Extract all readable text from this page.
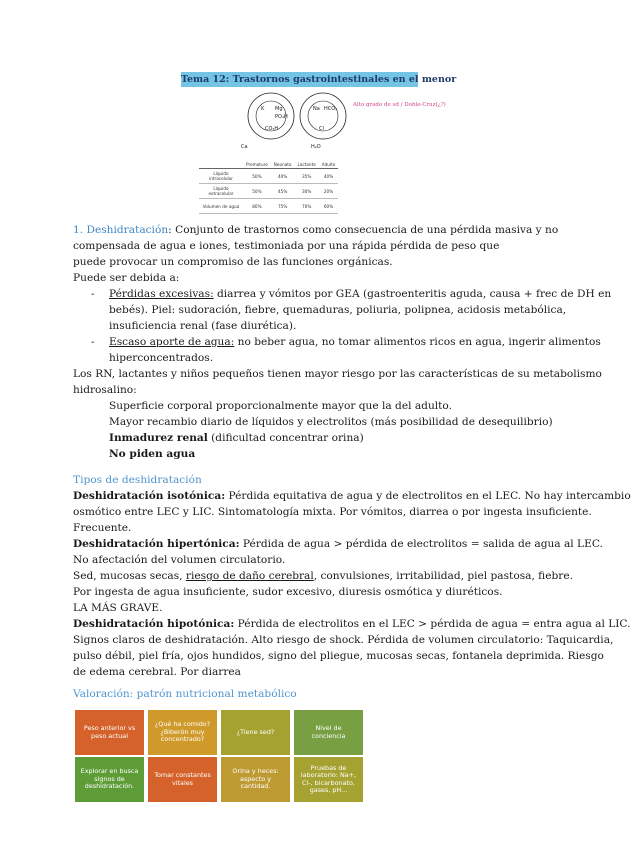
Tema 12: Trastornos gastrointestinales en el menor
K Mg
PO₄H
CO₃H
Na HCO₃
Cl
Ca	H₂O
Alto grado de sd / Doble-Cruz(¿?)
	Prematuro	Neonato	Lactante	Adulto
Líquido intracelular	50%	40%	35%	40%
Líquido extracelular	50%	45%	30%	20%
Volumen de agua	80%	75%	70%	60%
1. Deshidratación: Conjunto de trastornos como consecuencia de una pérdida masiva y no
compensada de agua e iones, testimoniada por una rápida pérdida de peso que
puede provocar un compromiso de las funciones orgánicas.
Puede ser debida a:
- Pérdidas excesivas: diarrea y vómitos por GEA (gastroenteritis aguda, causa + frec de DH en
bebés). Piel: sudoración, fiebre, quemaduras, poliuria, polipnea, acidosis metabólica,
insuficiencia renal (fase diurética).
- Escaso aporte de agua: no beber agua, no tomar alimentos ricos en agua, ingerir alimentos
hiperconcentrados.
Los RN, lactantes y niños pequeños tienen mayor riesgo por las características de su metabolismo
hidrosalino:
Superficie corporal proporcionalmente mayor que la del adulto.
Mayor recambio diario de líquidos y electrolitos (más posibilidad de desequilibrio)
Inmadurez renal (dificultad concentrar orina)
No piden agua
Tipos de deshidratación
Deshidratación isotónica: Pérdida equitativa de agua y de electrolitos en el LEC. No hay intercambio
osmótico entre LEC y LIC. Sintomatología mixta. Por vómitos, diarrea o por ingesta insuficiente.
Frecuente.
Deshidratación hipertónica: Pérdida de agua > pérdida de electrolitos = salida de agua al LEC.
No afectación del volumen circulatorio.
Sed, mucosas secas, riesgo de daño cerebral, convulsiones, irritabilidad, piel pastosa, fiebre.
Por ingesta de agua insuficiente, sudor excesivo, diuresis osmótica y diuréticos.
LA MÁS GRAVE.
Deshidratación hipotónica: Pérdida de electrolitos en el LEC > pérdida de agua = entra agua al LIC.
Signos claros de deshidratación. Alto riesgo de shock. Pérdida de volumen circulatorio: Taquicardia,
pulso débil, piel fría, ojos hundidos, signo del pliegue, mucosas secas, fontanela deprimida. Riesgo
de edema cerebral. Por diarrea
Valoración: patrón nutricional metabólico
Peso anterior vs peso actual
¿Qué ha comido? ¿Biberón muy concentrado?
¿Tiene sed?	Nivel de conciencia
Explorar en busca signos de deshidratación.
Tomar constantes vitales
Orina y heces: aspecto y cantidad.
Pruebas de laboratorio: Na+, Cl-, bicarbonato, gases, pH...
